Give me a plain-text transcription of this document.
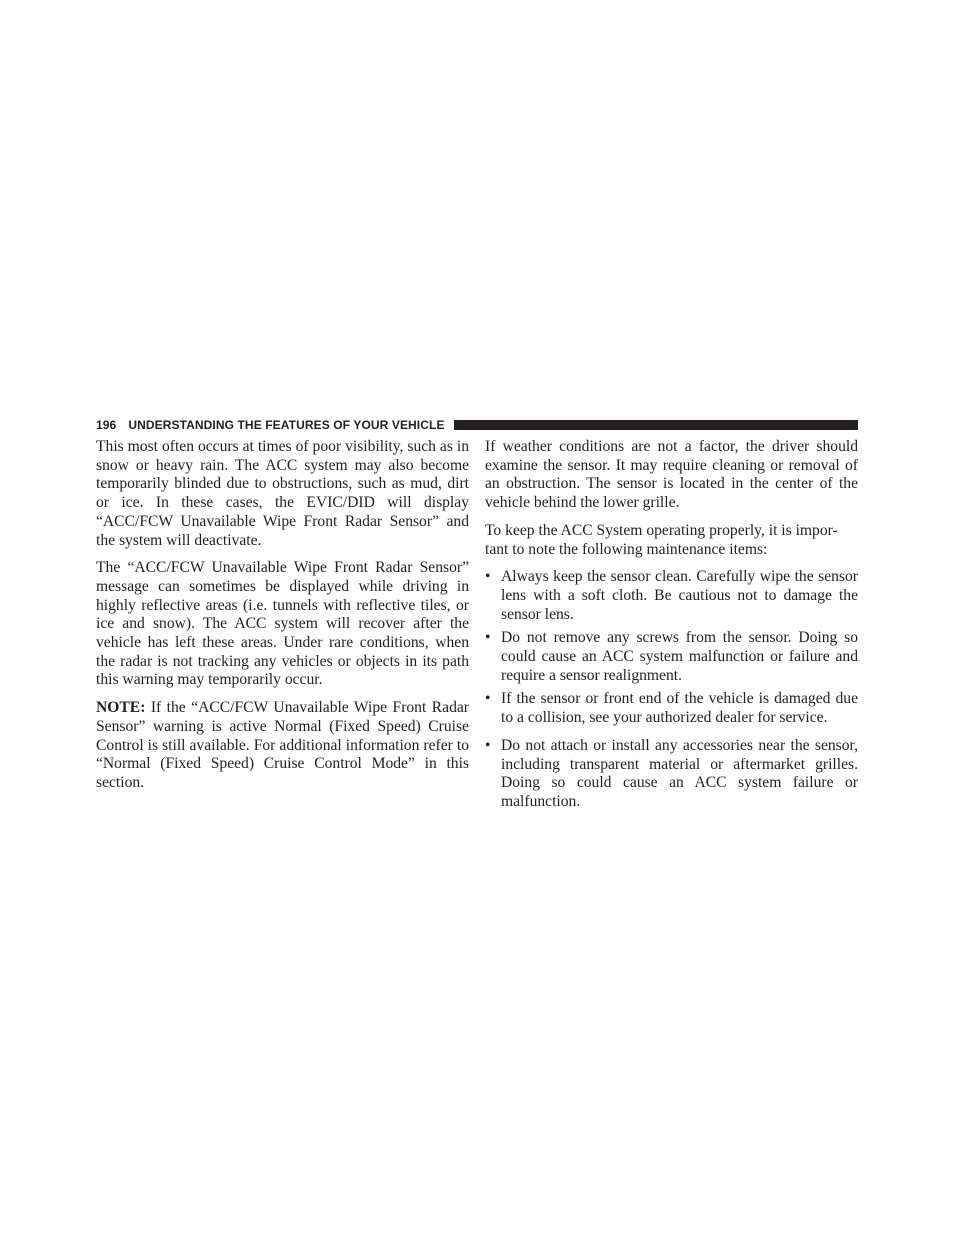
196 UNDERSTANDING THE FEATURES OF YOUR VEHICLE

This most often occurs at times of poor visibility, such as in snow or heavy rain. The ACC system may also become temporarily blinded due to obstructions, such as mud, dirt or ice. In these cases, the EVIC/DID will display “ACC/FCW Unavailable Wipe Front Radar Sensor” and the system will deactivate.

The “ACC/FCW Unavailable Wipe Front Radar Sensor” message can sometimes be displayed while driving in highly reflective areas (i.e. tunnels with reflective tiles, or ice and snow). The ACC system will recover after the vehicle has left these areas. Under rare conditions, when the radar is not tracking any vehicles or objects in its path this warning may temporarily occur.

NOTE: If the “ACC/FCW Unavailable Wipe Front Radar Sensor” warning is active Normal (Fixed Speed) Cruise Control is still available. For additional information refer to “Normal (Fixed Speed) Cruise Control Mode” in this section.

If weather conditions are not a factor, the driver should examine the sensor. It may require cleaning or removal of an obstruction. The sensor is located in the center of the vehicle behind the lower grille.

To keep the ACC System operating properly, it is impor-tant to note the following maintenance items:

• Always keep the sensor clean. Carefully wipe the sensor lens with a soft cloth. Be cautious not to damage the sensor lens.
• Do not remove any screws from the sensor. Doing so could cause an ACC system malfunction or failure and require a sensor realignment.
• If the sensor or front end of the vehicle is damaged due to a collision, see your authorized dealer for service.
• Do not attach or install any accessories near the sensor, including transparent material or aftermarket grilles. Doing so could cause an ACC system failure or malfunction.
